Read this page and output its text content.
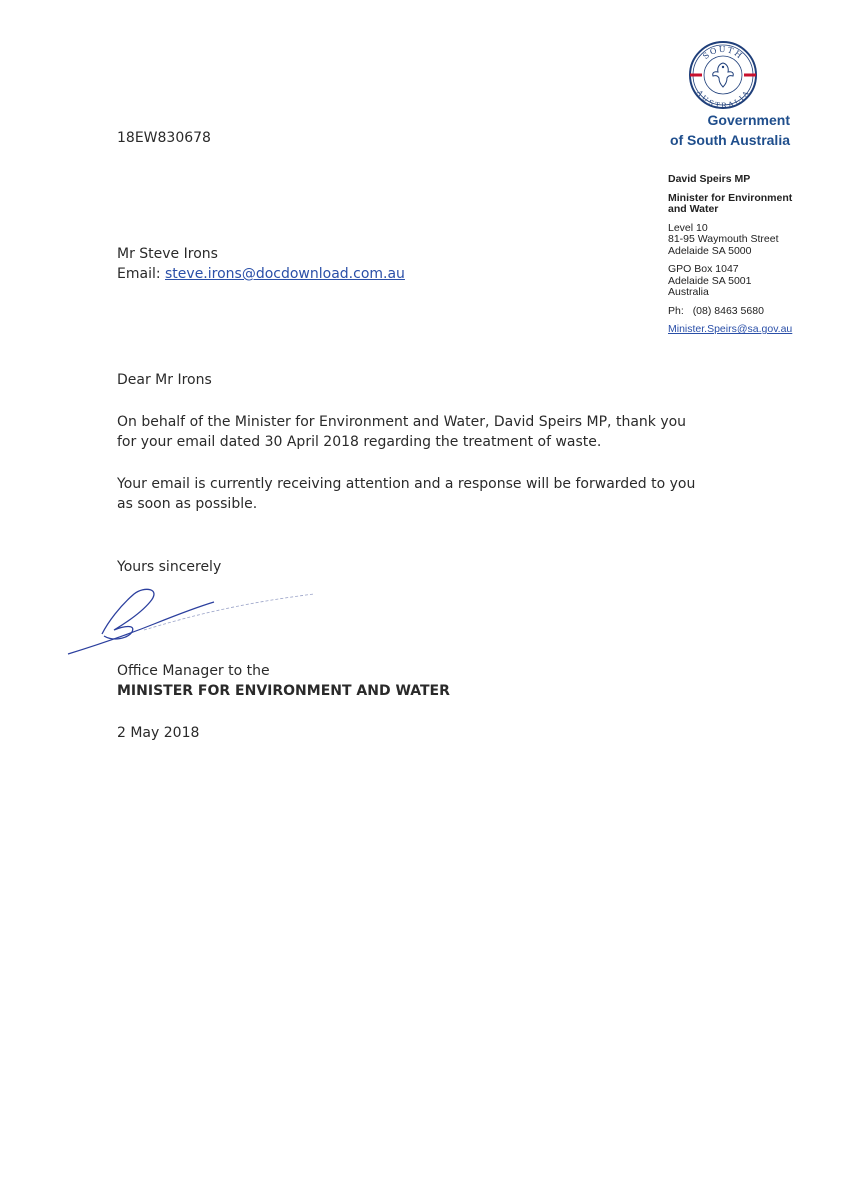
18EW830678
SOUTH
AUSTRALIA
Government
of South Australia
David Speirs MP
Minister for Environment and Water
Level 10
81-95 Waymouth Street
Adelaide SA 5000
GPO Box 1047
Adelaide SA 5001
Australia
Ph: (08) 8463 5680
Minister.Speirs@sa.gov.au
Mr Steve Irons
Email: steve.irons@docdownload.com.au
Dear Mr Irons
On behalf of the Minister for Environment and Water, David Speirs MP, thank you
for your email dated 30 April 2018 regarding the treatment of waste.
Your email is currently receiving attention and a response will be forwarded to you
as soon as possible.
Yours sincerely
Office Manager to the
MINISTER FOR ENVIRONMENT AND WATER
2 May 2018
